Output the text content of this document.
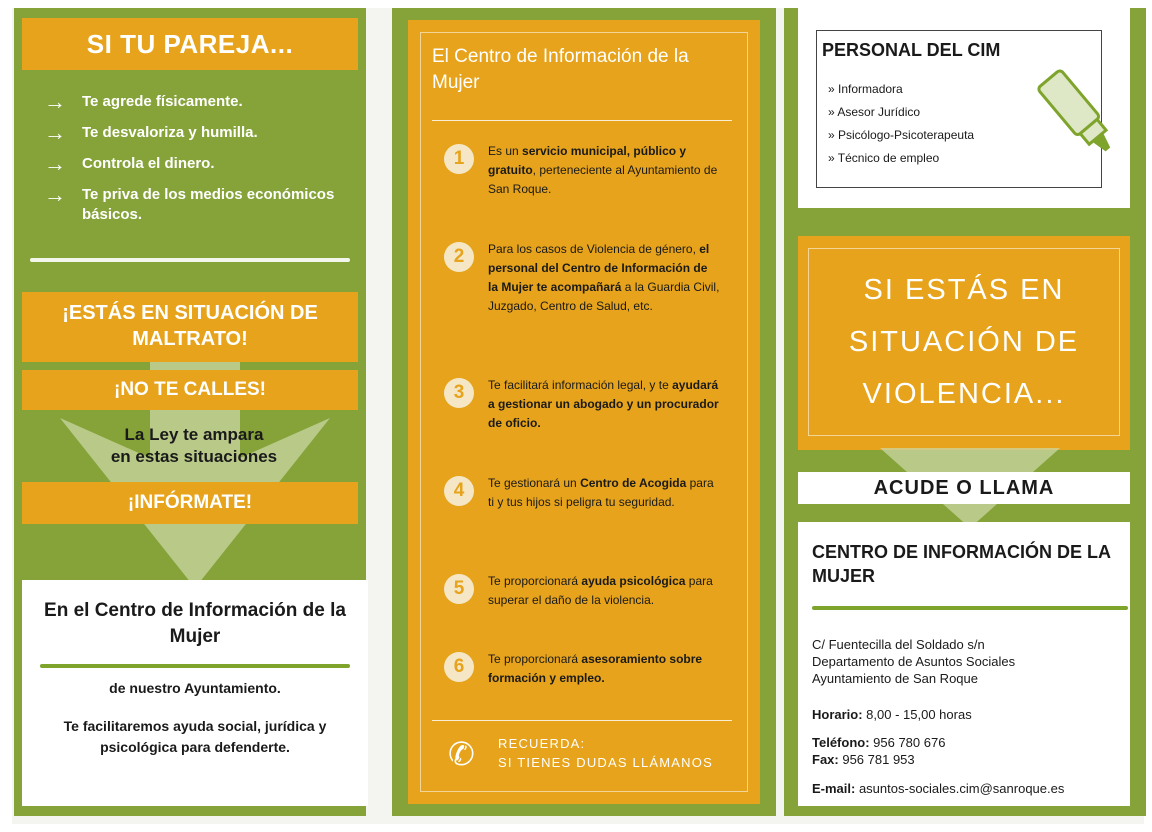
SI TU PAREJA...
→ Te agrede físicamente.
→ Te desvaloriza y humilla.
→ Controla el dinero.
→ Te priva de los medios económicos básicos.
¡ESTÁS EN SITUACIÓN DE MALTRATO!
¡NO TE CALLES!
La Ley te ampara
en estas situaciones
¡INFÓRMATE!
En el Centro de Información de la Mujer
de nuestro Ayuntamiento.
Te facilitaremos ayuda social, jurídica y psicológica para defenderte.
El Centro de Información de la Mujer
1	Es un servicio municipal, público y gratuito, perteneciente al Ayuntamiento de San Roque.
2	Para los casos de Violencia de género, el personal del Centro de Información de la Mujer te acompañará a la Guardia Civil, Juzgado, Centro de Salud, etc.
3	Te facilitará información legal, y te ayudará a gestionar un abogado y un procurador de oficio.
4	Te gestionará un Centro de Acogida para ti y tus hijos si peligra tu seguridad.
5	Te proporcionará ayuda psicológica para superar el daño de la violencia.
6	Te proporcionará asesoramiento sobre formación y empleo.
✆ RECUERDA:
SI TIENES DUDAS LLÁMANOS
PERSONAL DEL CIM
» Informadora
» Asesor Jurídico
» Psicólogo-Psicoterapeuta
» Técnico de empleo
SI ESTÁS EN
SITUACIÓN DE
VIOLENCIA...
ACUDE O LLAMA
CENTRO DE INFORMACIÓN DE LA MUJER
C/ Fuentecilla del Soldado s/n
Departamento de Asuntos Sociales
Ayuntamiento de San Roque
Horario: 8,00 - 15,00 horas
Teléfono: 956 780 676
Fax: 956 781 953
E-mail: asuntos-sociales.cim@sanroque.es
